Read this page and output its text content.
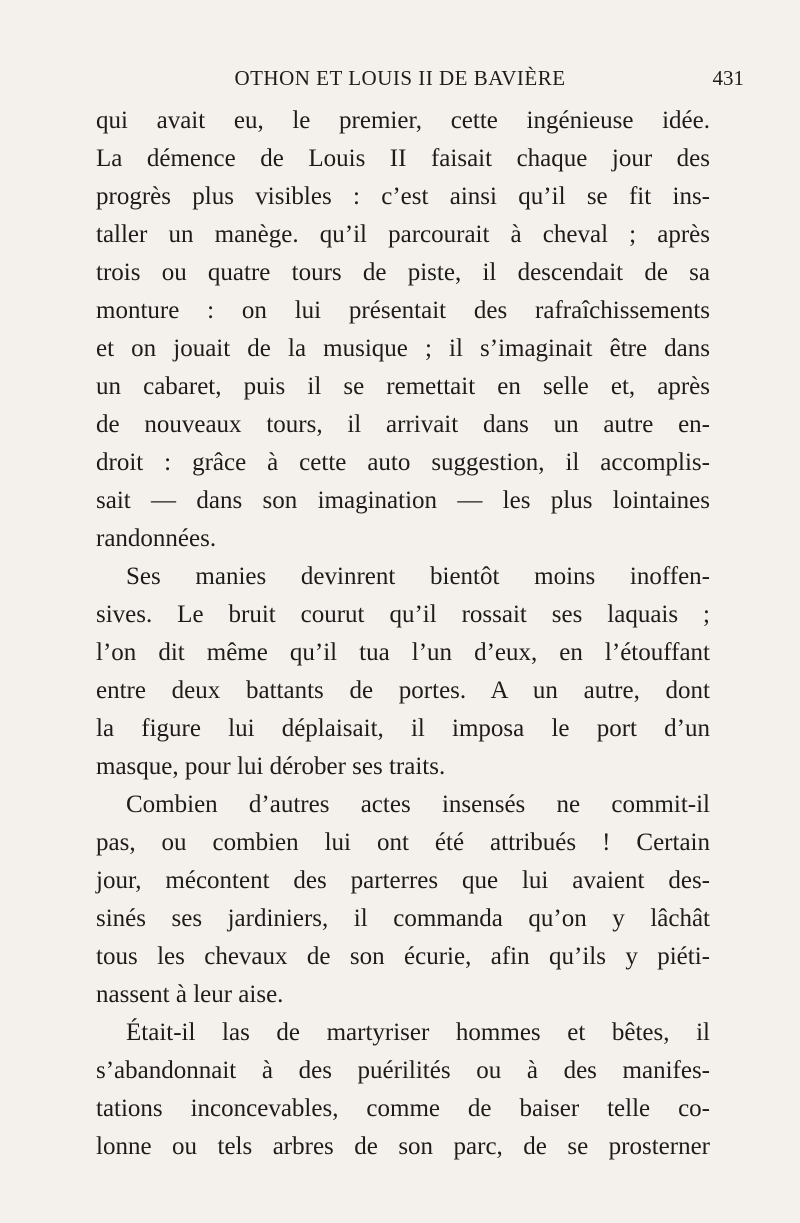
OTHON ET LOUIS II DE BAVIÈRE	431
qui avait eu, le premier, cette ingénieuse idée.
La démence de Louis II faisait chaque jour des
progrès plus visibles : c’est ainsi qu’il se fit ins-
taller un manège. qu’il parcourait à cheval ; après
trois ou quatre tours de piste, il descendait de sa
monture : on lui présentait des rafraîchissements
et on jouait de la musique ; il s’imaginait être dans
un cabaret, puis il se remettait en selle et, après
de nouveaux tours, il arrivait dans un autre en-
droit : grâce à cette auto suggestion, il accomplis-
sait — dans son imagination — les plus lointaines
randonnées.
Ses manies devinrent bientôt moins inoffen-
sives. Le bruit courut qu’il rossait ses laquais ;
l’on dit même qu’il tua l’un d’eux, en l’étouffant
entre deux battants de portes. A un autre, dont
la figure lui déplaisait, il imposa le port d’un
masque, pour lui dérober ses traits.
Combien d’autres actes insensés ne commit-il
pas, ou combien lui ont été attribués ! Certain
jour, mécontent des parterres que lui avaient des-
sinés ses jardiniers, il commanda qu’on y lâchât
tous les chevaux de son écurie, afin qu’ils y piéti-
nassent à leur aise.
Était-il las de martyriser hommes et bêtes, il
s’abandonnait à des puérilités ou à des manifes-
tations inconcevables, comme de baiser telle co-
lonne ou tels arbres de son parc, de se prosterner
